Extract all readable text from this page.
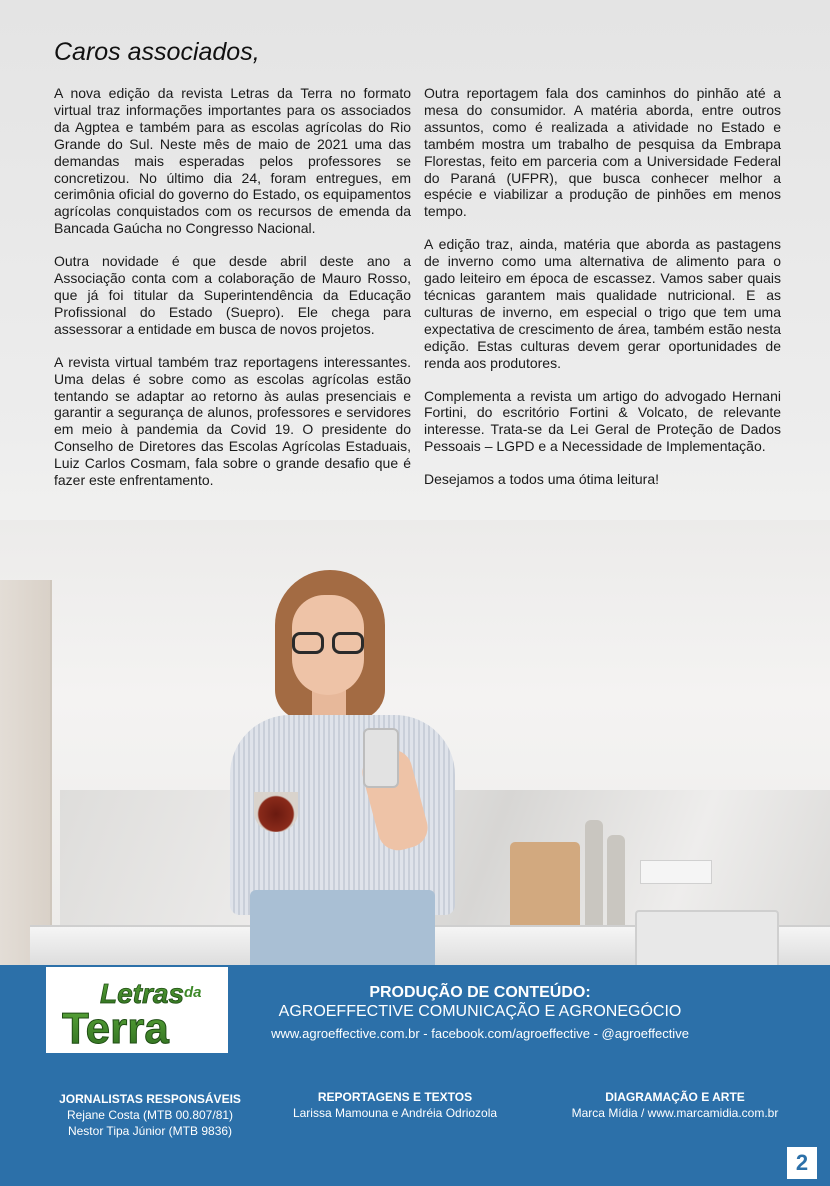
Caros associados,

A nova edição da revista Letras da Terra no formato virtual traz informações importantes para os associados da Agptea e também para as escolas agrícolas do Rio Grande do Sul. Neste mês de maio de 2021 uma das demandas mais esperadas pelos professores se concretizou. No último dia 24, foram entregues, em cerimônia oficial do governo do Estado, os equipamentos agrícolas conquistados com os recursos de emenda da Bancada Gaúcha no Congresso Nacional.

Outra novidade é que desde abril deste ano a Associação conta com a colaboração de Mauro Rosso, que já foi titular da Superintendência da Educação Profissional do Estado (Suepro). Ele chega para assessorar a entidade em busca de novos projetos.

A revista virtual também traz reportagens interessantes. Uma delas é sobre como as escolas agrícolas estão tentando se adaptar ao retorno às aulas presenciais e garantir a segurança de alunos, professores e servidores em meio à pandemia da Covid 19. O presidente do Conselho de Diretores das Escolas Agrícolas Estaduais, Luiz Carlos Cosmam, fala sobre o grande desafio que é fazer este enfrentamento.

Outra reportagem fala dos caminhos do pinhão até a mesa do consumidor. A matéria aborda, entre outros assuntos, como é realizada a atividade no Estado e também mostra um trabalho de pesquisa da Embrapa Florestas, feito em parceria com a Universidade Federal do Paraná (UFPR), que busca conhecer melhor a espécie e viabilizar a produção de pinhões em menos tempo.

A edição traz, ainda, matéria que aborda as pastagens de inverno como uma alternativa de alimento para o gado leiteiro em época de escassez. Vamos saber quais técnicas garantem mais qualidade nutricional. E as culturas de inverno, em especial o trigo que tem uma expectativa de crescimento de área, também estão nesta edição. Estas culturas devem gerar oportunidades de renda aos produtores.

Complementa a revista um artigo do advogado Hernani Fortini, do escritório Fortini & Volcato, de relevante interesse. Trata-se da Lei Geral de Proteção de Dados Pessoais – LGPD e a Necessidade de Implementação.

Desejamos a todos uma ótima leitura!

Letras da
Terra
PRODUÇÃO DE CONTEÚDO:
AGROEFFECTIVE COMUNICAÇÃO E AGRONEGÓCIO
www.agroeffective.com.br - facebook.com/agroeffective - @agroeffective
JORNALISTAS RESPONSÁVEIS
Rejane Costa (MTB 00.807/81)
Nestor Tipa Júnior (MTB 9836)
REPORTAGENS E TEXTOS
Larissa Mamouna e Andréia Odriozola
DIAGRAMAÇÃO E ARTE
Marca Mídia / www.marcamidia.com.br
2
